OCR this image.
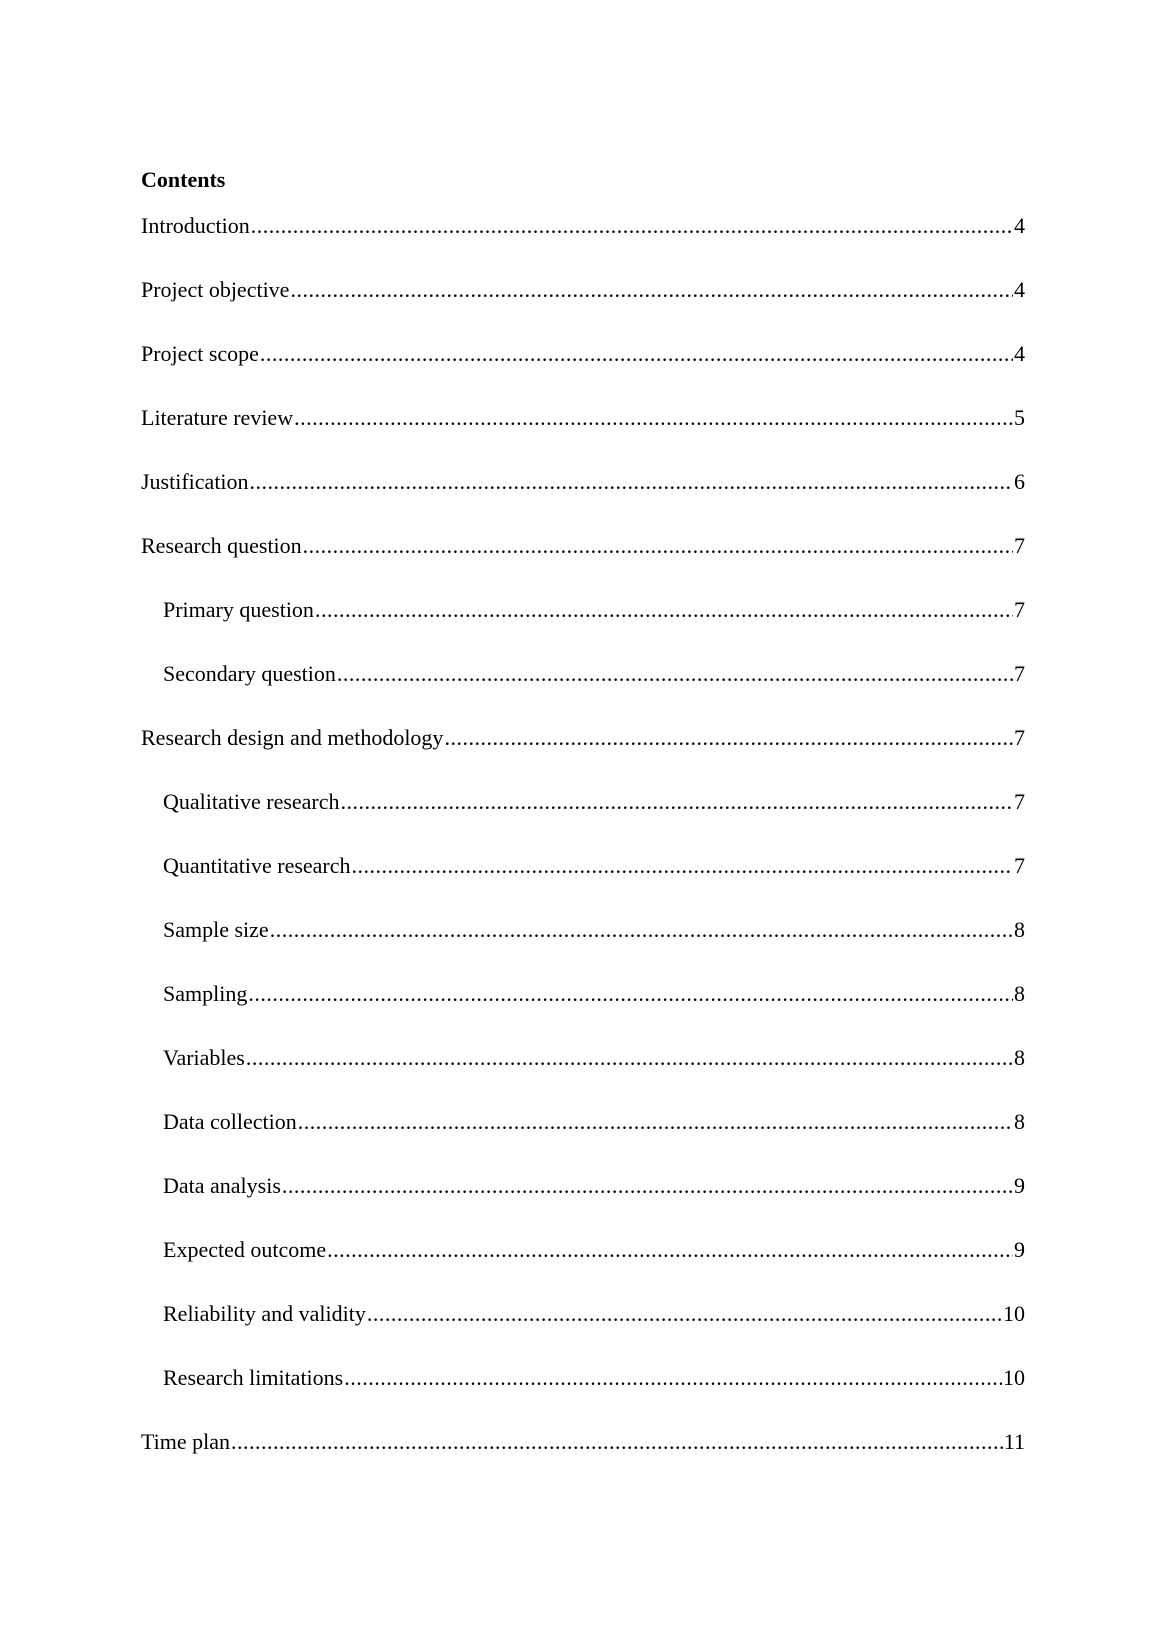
Contents
Introduction .....	4
Project objective .....	4
Project scope .....	4
Literature review .....	5
Justification .....	6
Research question .....	7
Primary question .....	7
Secondary question .....	7
Research design and methodology .....	7
Qualitative research .....	7
Quantitative research .....	7
Sample size .....	8
Sampling .....	8
Variables .....	8
Data collection .....	8
Data analysis .....	9
Expected outcome .....	9
Reliability and validity .....	10
Research limitations .....	10
Time plan .....	11
